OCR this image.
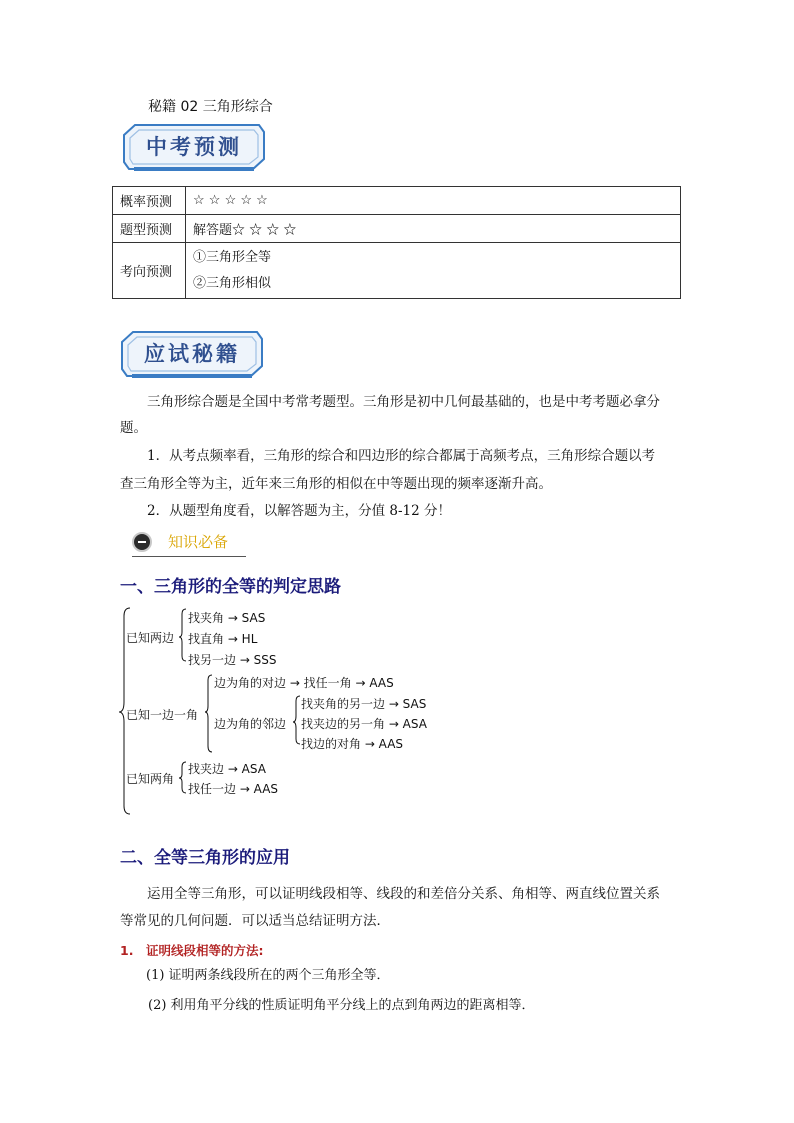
秘籍 02 三角形综合
中考预测
概率预测	☆ ☆ ☆ ☆ ☆
题型预测	解答题☆ ☆ ☆ ☆
考向预测	①三角形全等
②三角形相似
应试秘籍
三角形综合题是全国中考常考题型。三角形是初中几何最基础的，也是中考考题必拿分
题。
1．从考点频率看，三角形的综合和四边形的综合都属于高频考点，三角形综合题以考
查三角形全等为主，近年来三角形的相似在中等题出现的频率逐渐升高。
2．从题型角度看，以解答题为主，分值 8-12 分！
知识必备
一、三角形的全等的判定思路
已知两边
找夹角 → SAS
找直角 → HL
找另一边 → SSS
已知一边一角
边为角的对边 → 找任一角 → AAS
边为角的邻边
找夹角的另一边 → SAS
找夹边的另一角 → ASA
找边的对角 → AAS
已知两角
找夹边 → ASA
找任一边 → AAS
二、全等三角形的应用
运用全等三角形，可以证明线段相等、线段的和差倍分关系、角相等、两直线位置关系
等常见的几何问题．可以适当总结证明方法．
1.　证明线段相等的方法:
(1) 证明两条线段所在的两个三角形全等．
(2) 利用角平分线的性质证明角平分线上的点到角两边的距离相等．
